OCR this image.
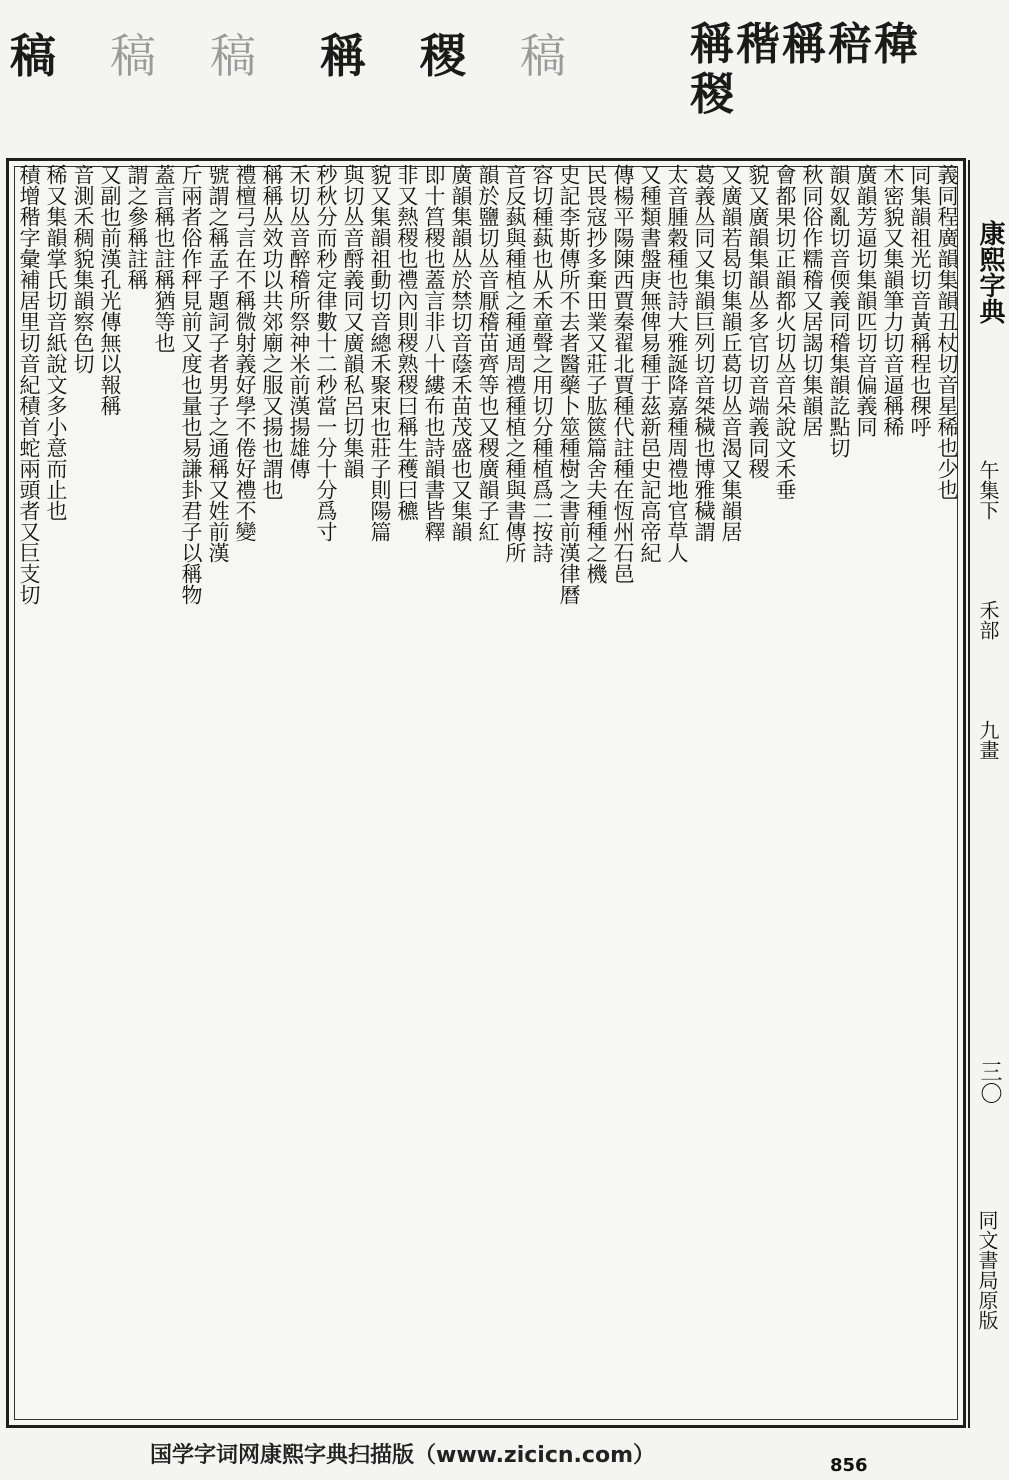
稿 稿 稿 稱 稷 稿	稱稭稱稖稦稯
康熙字典
午集下
禾部
九畫
三〇
同文書局原版
義同程廣韻集韻丑杖切音星稀也少也
同集韻祖光切音黃稱程也稞呼
木密貌又集韻筆力切音逼稱稀
廣韻芳逼切集韻匹切音偏義同
韻奴亂切音偄義同稽集韻訖點切
秋同俗作糯稽又居謁切集韻居
會都果切正韻都火切丛音朵說文禾垂
貌又廣韻集韻丛多官切音端義同稷
又廣韻若曷切集韻丘葛切丛音渴又集韻居
葛義丛同又集韻巨列切音桀穢也博雅穢謂
太音腫穀種也詩大雅誕降嘉種周禮地官草人
又種類書盤庚無俾易種于茲新邑史記高帝紀
傳楊平陽陳西賈秦翟北賈種代註種在恆州石邑
民畏寇抄多棄田業又莊子肱篋篇舍夫種種之機
史記李斯傳所不去者醫藥卜筮種樹之書前漢律曆
容切種蓺也从禾童聲之用切分種植爲二按詩
音反蓺與種植之種通周禮種植之種與書傳所
韻於鹽切丛音厭稽苗齊等也又稷廣韻子紅
廣韻集韻丛於禁切音蔭禾苗茂盛也又集韻
即十筥稷也蓋言非八十縷布也詩韻書皆釋
非又熱稷也禮內則稷熟稷曰稱生穫曰穮
貌又集韻祖動切音總禾聚束也莊子則陽篇
與切丛音酹義同又廣韻私呂切集韻
秒秋分而秒定律數十二秒當一分十分爲寸
禾切丛音醉稽所祭神米前漢揚雄傳
稱稱丛效功以共郊廟之服又揚也謂也
禮檀弓言在不稱微射義好學不倦好禮不變
號謂之稱孟子題詞子者男子之通稱又姓前漢
斤兩者俗作秤見前又度也量也易謙卦君子以稱物
蓋言稱也註稱猶等也
謂之參稱註稱
又副也前漢孔光傳無以報稱
音測禾稠貌集韻察色切
稀又集韻掌氏切音紙說文多小意而止也
積增稭字彙補居里切音紀積首蛇兩頭者又巨支切
国学字词网康熙字典扫描版（www.zicicn.com）	856
